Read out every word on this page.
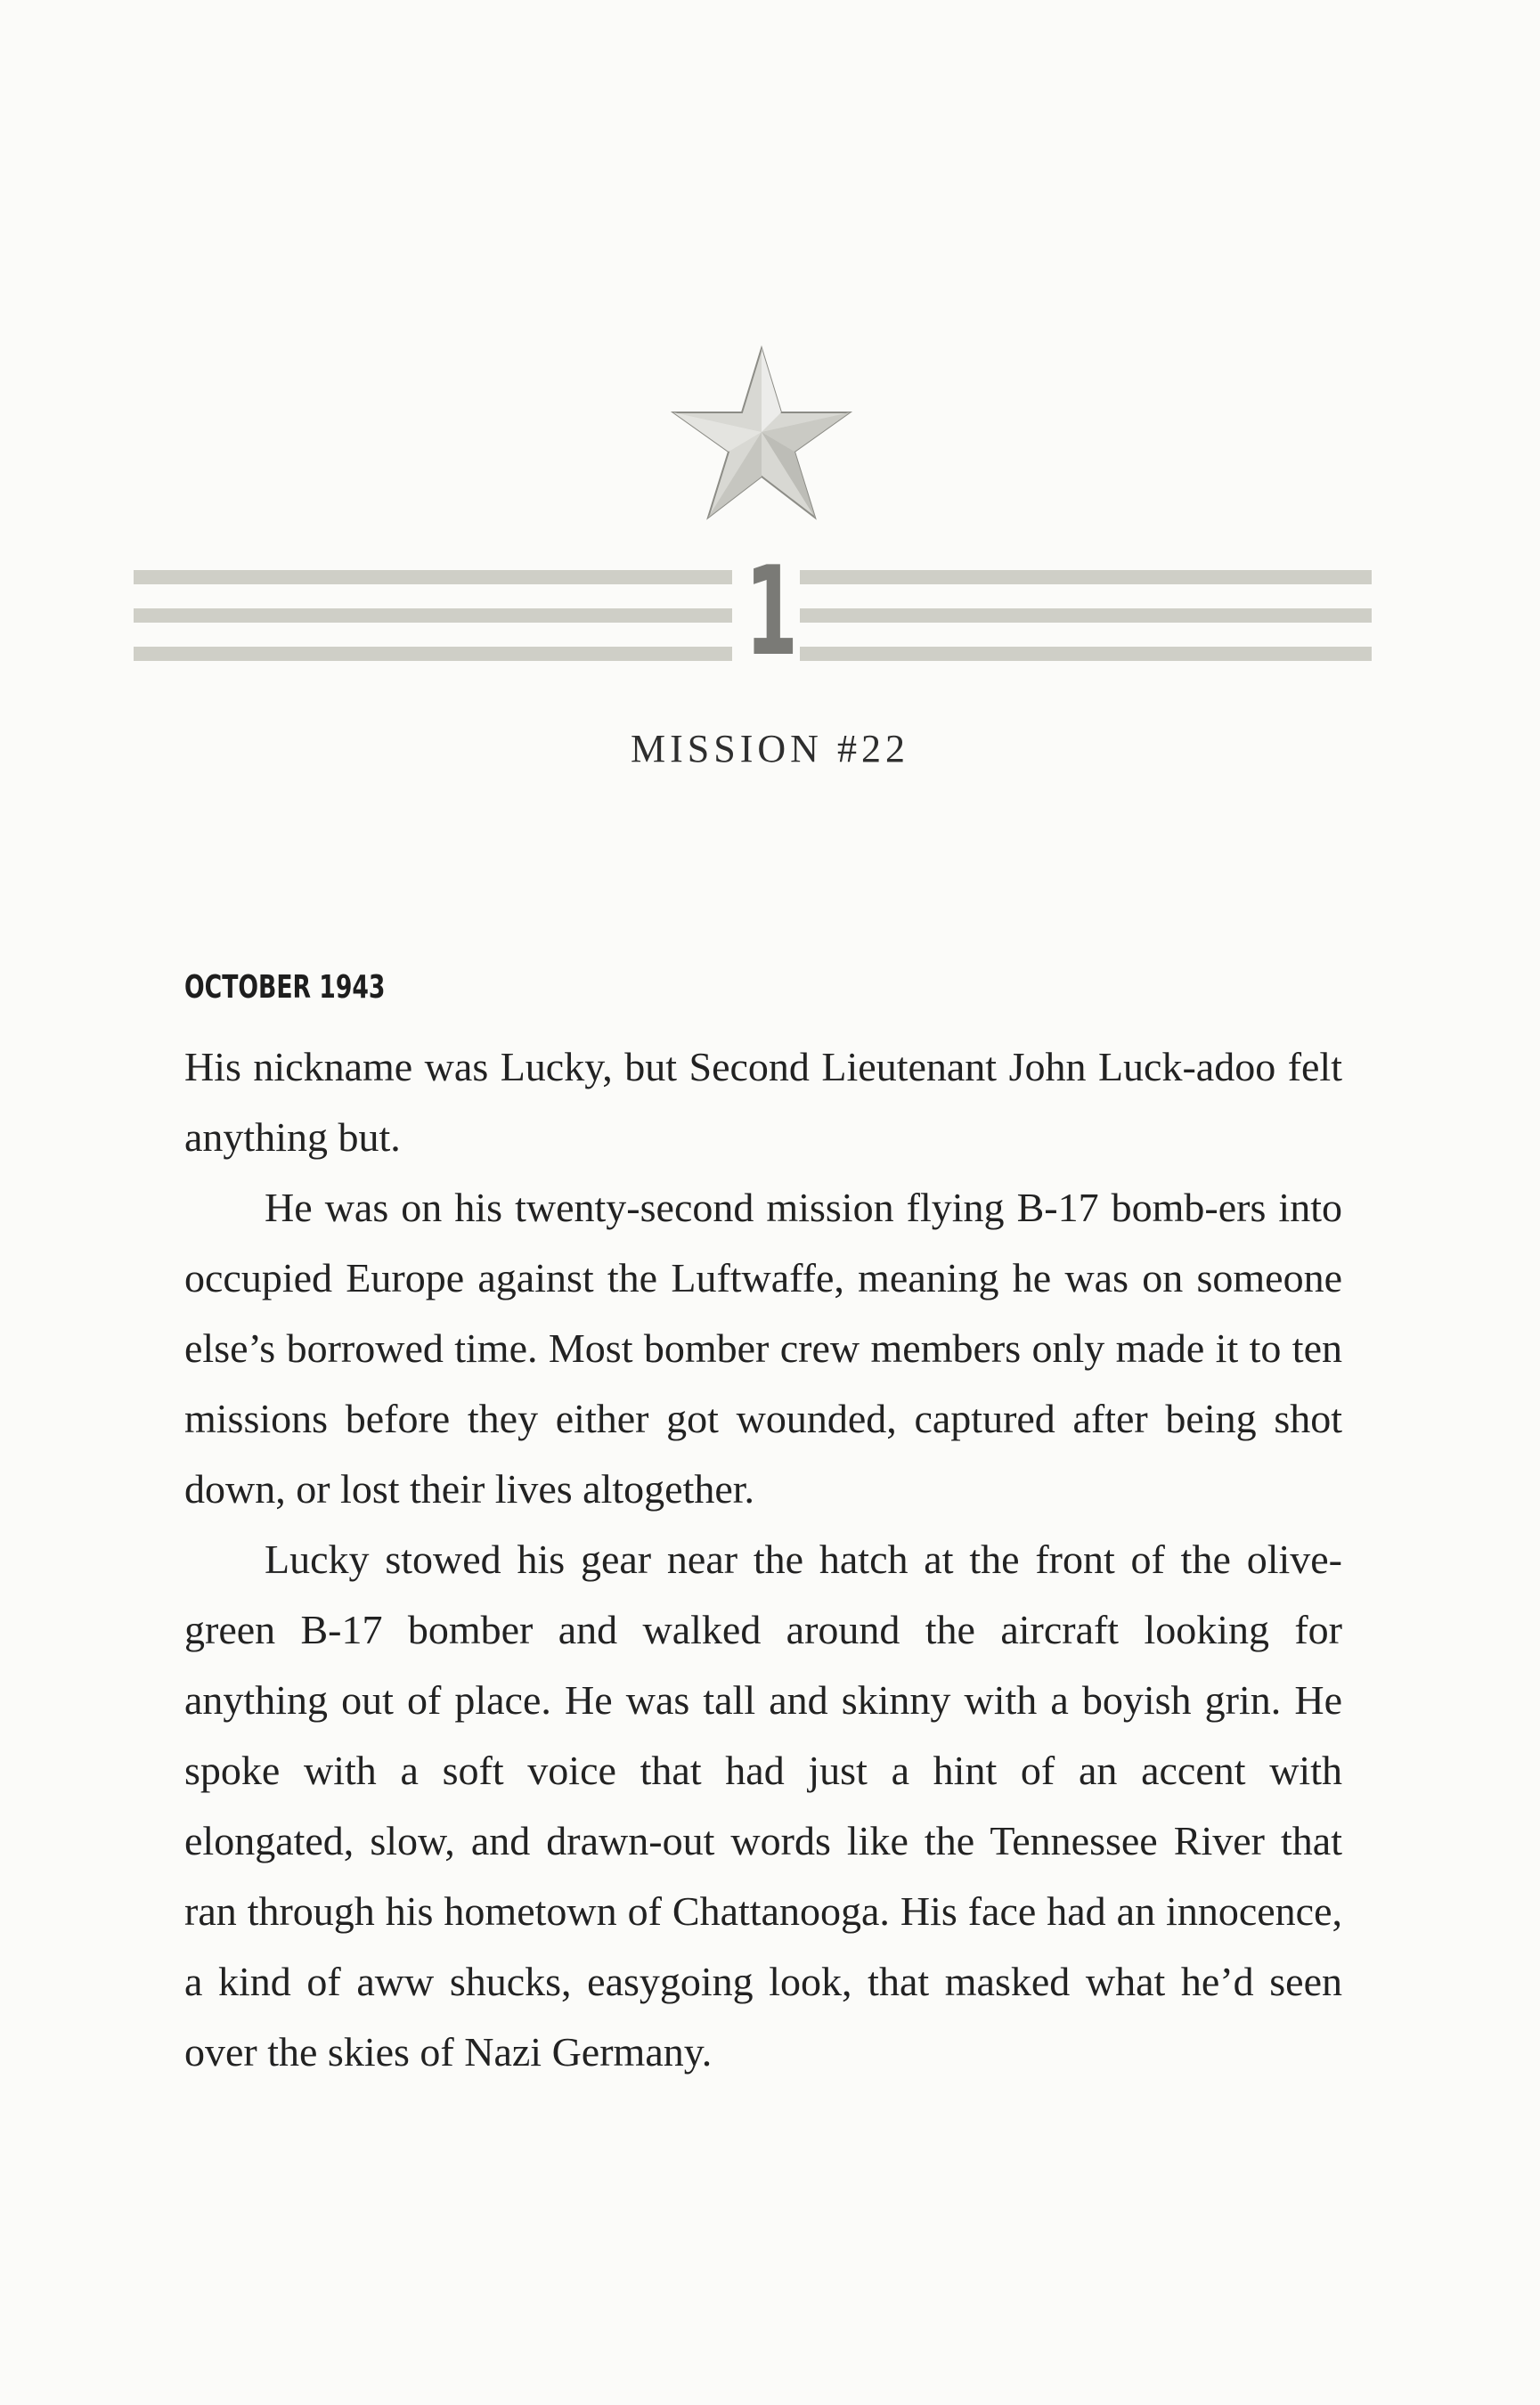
1
MISSION #22
OCTOBER 1943

His nickname was Lucky, but Second Lieutenant John Luck-adoo felt anything but.

He was on his twenty-second mission flying B-17 bomb-ers into occupied Europe against the Luftwaffe, meaning he was on someone else’s borrowed time. Most bomber crew members only made it to ten missions before they either got wounded, captured after being shot down, or lost their lives altogether.

Lucky stowed his gear near the hatch at the front of the olive-green B-17 bomber and walked around the aircraft looking for anything out of place. He was tall and skinny with a boyish grin. He spoke with a soft voice that had just a hint of an accent with elongated, slow, and drawn-out words like the Tennessee River that ran through his hometown of Chattanooga. His face had an innocence, a kind of aww shucks, easygoing look, that masked what he’d seen over the skies of Nazi Germany.
